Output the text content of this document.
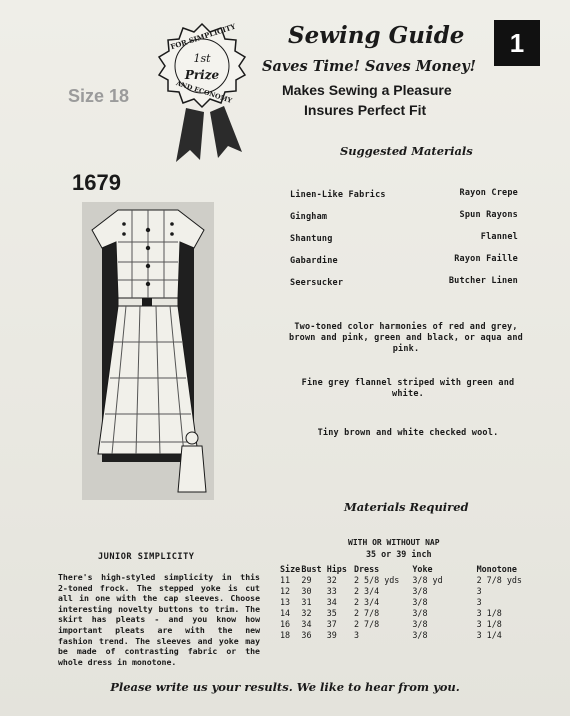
FOR SIMPLICITY
1st
Prize
AND ECONOMY
Size 18
1679
Sewing Guide
Saves Time! Saves Money!
Makes Sewing a Pleasure
Insures Perfect Fit
1
Suggested Materials
Linen-Like Fabrics
Gingham
Shantung
Gabardine
Seersucker
Rayon Crepe
Spun Rayons
Flannel
Rayon Faille
Butcher Linen
Two-toned color harmonies of red and grey, brown and pink, green and black, or aqua and pink.
Fine grey flannel striped with green and white.
Tiny brown and white checked wool.
JUNIOR SIMPLICITY
There's high-styled simplicity in this 2-toned frock. The stepped yoke is cut all in one with the cap sleeves. Choose interesting novelty buttons to trim. The skirt has pleats - and you know how important pleats are with the new fashion trend. The sleeves and yoke may be made of contrasting fabric or the whole dress in monotone.
Materials Required
WITH OR WITHOUT NAP
35 or 39 inch
Size Bust Hips Dress	Yoke	Monotone
11	29	32	2 5/8 yds	3/8 yd	2 7/8 yds
12	30	33	2 3/4	3/8	3
13	31	34	2 3/4	3/8	3
14	32	35	2 7/8	3/8	3 1/8
16	34	37	2 7/8	3/8	3 1/8
18	36	39	3	3/8	3 1/4
Please write us your results. We like to hear from you.
